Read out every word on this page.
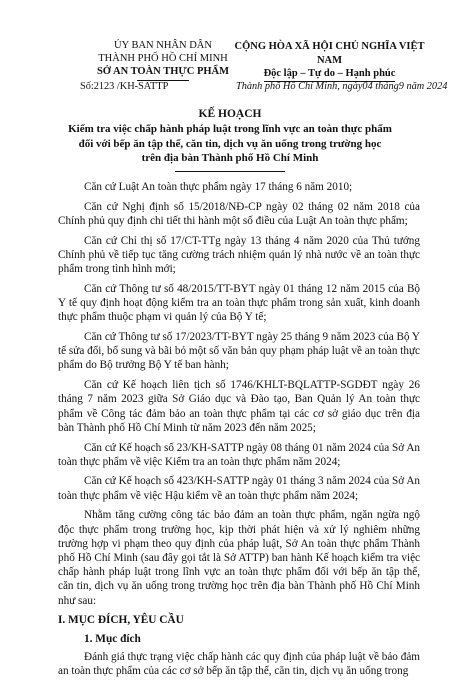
ỦY BAN NHÂN DÂN
THÀNH PHỐ HỒ CHÍ MINH
SỞ AN TOÀN THỰC PHẨM
CỘNG HÒA XÃ HỘI CHỦ NGHĨA VIỆT NAM
Độc lập – Tự do – Hạnh phúc
Số:2123 /KH-SATTP	Thành phố Hồ Chí Minh, ngày04 tháng9 năm 2024
KẾ HOẠCH
Kiểm tra việc chấp hành pháp luật trong lĩnh vực an toàn thực phẩm
đối với bếp ăn tập thể, căn tin, dịch vụ ăn uống trong trường học
trên địa bàn Thành phố Hồ Chí Minh

Căn cứ Luật An toàn thực phẩm ngày 17 tháng 6 năm 2010;

Căn cứ Nghị định số 15/2018/NĐ-CP ngày 02 tháng 02 năm 2018 của Chính phủ quy định chi tiết thi hành một số điều của Luật An toàn thực phẩm;

Căn cứ Chỉ thị số 17/CT-TTg ngày 13 tháng 4 năm 2020 của Thủ tướng Chính phủ về tiếp tục tăng cường trách nhiệm quản lý nhà nước về an toàn thực phẩm trong tình hình mới;

Căn cứ Thông tư số 48/2015/TT-BYT ngày 01 tháng 12 năm 2015 của Bộ Y tế quy định hoạt động kiểm tra an toàn thực phẩm trong sản xuất, kinh doanh thực phẩm thuộc phạm vi quản lý của Bộ Y tế;

Căn cứ Thông tư số 17/2023/TT-BYT ngày 25 tháng 9 năm 2023 của Bộ Y tế sửa đổi, bổ sung và bãi bỏ một số văn bản quy phạm pháp luật về an toàn thực phẩm do Bộ trưởng Bộ Y tế ban hành;

Căn cứ Kế hoạch liên tịch số 1746/KHLT-BQLATTP-SGDĐT ngày 26 tháng 7 năm 2023 giữa Sở Giáo dục và Đào tạo, Ban Quản lý An toàn thực phẩm về Công tác đảm bảo an toàn thực phẩm tại các cơ sở giáo dục trên địa bàn Thành phố Hồ Chí Minh từ năm 2023 đến năm 2025;

Căn cứ Kế hoạch số 23/KH-SATTP ngày 08 tháng 01 năm 2024 của Sở An toàn thực phẩm về việc Kiểm tra an toàn thực phẩm năm 2024;

Căn cứ Kế hoạch số 423/KH-SATTP ngày 01 tháng 3 năm 2024 của Sở An toàn thực phẩm về việc Hậu kiểm về an toàn thực phẩm năm 2024;

Nhằm tăng cường công tác bảo đảm an toàn thực phẩm, ngăn ngừa ngộ độc thực phẩm trong trường học, kịp thời phát hiện và xử lý nghiêm những trường hợp vi phạm theo quy định của pháp luật, Sở An toàn thực phẩm Thành phố Hồ Chí Minh (sau đây gọi tắt là Sở ATTP) ban hành Kế hoạch kiểm tra việc chấp hành pháp luật trong lĩnh vực an toàn thực phẩm đối với bếp ăn tập thể, căn tin, dịch vụ ăn uống trong trường học trên địa bàn Thành phố Hồ Chí Minh như sau:

I. MỤC ĐÍCH, YÊU CẦU
1. Mục đích

Đánh giá thực trạng việc chấp hành các quy định của pháp luật về bảo đảm an toàn thực phẩm của các cơ sở bếp ăn tập thể, căn tin, dịch vụ ăn uống trong
